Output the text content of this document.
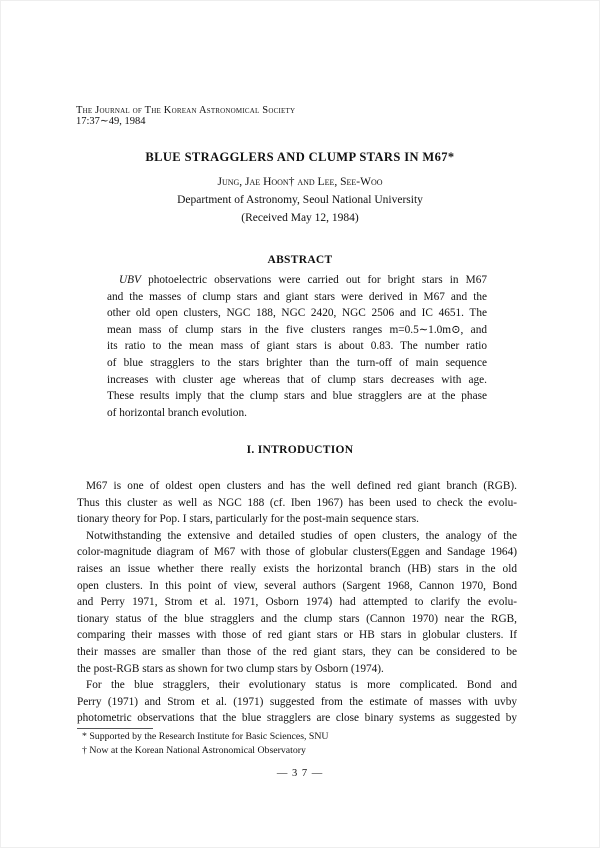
The Journal of The Korean Astronomical Society
17:37∼49, 1984
BLUE STRAGGLERS AND CLUMP STARS IN M67*
Jung, Jae Hoon† and Lee, See-Woo
Department of Astronomy, Seoul National University
(Received May 12, 1984)
ABSTRACT
UBV photoelectric observations were carried out for bright stars in M67
and the masses of clump stars and giant stars were derived in M67 and the
other old open clusters, NGC 188, NGC 2420, NGC 2506 and IC 4651. The
mean mass of clump stars in the five clusters ranges m=0.5∼1.0m⊙, and
its ratio to the mean mass of giant stars is about 0.83. The number ratio
of blue stragglers to the stars brighter than the turn-off of main sequence
increases with cluster age whereas that of clump stars decreases with age.
These results imply that the clump stars and blue stragglers are at the phase
of horizontal branch evolution.
I. INTRODUCTION
M67 is one of oldest open clusters and has the well defined red giant branch (RGB).
Thus this cluster as well as NGC 188 (cf. Iben 1967) has been used to check the evolu-
tionary theory for Pop. I stars, particularly for the post-main sequence stars.
Notwithstanding the extensive and detailed studies of open clusters, the analogy of the
color-magnitude diagram of M67 with those of globular clusters(Eggen and Sandage 1964)
raises an issue whether there really exists the horizontal branch (HB) stars in the old
open clusters. In this point of view, several authors (Sargent 1968, Cannon 1970, Bond
and Perry 1971, Strom et al. 1971, Osborn 1974) had attempted to clarify the evolu-
tionary status of the blue stragglers and the clump stars (Cannon 1970) near the RGB,
comparing their masses with those of red giant stars or HB stars in globular clusters. If
their masses are smaller than those of the red giant stars, they can be considered to be
the post-RGB stars as shown for two clump stars by Osborn (1974).
For the blue stragglers, their evolutionary status is more complicated. Bond and
Perry (1971) and Strom et al. (1971) suggested from the estimate of masses with uvby
photometric observations that the blue stragglers are close binary systems as suggested by
* Supported by the Research Institute for Basic Sciences, SNU
† Now at the Korean National Astronomical Observatory
— 3 7 —
